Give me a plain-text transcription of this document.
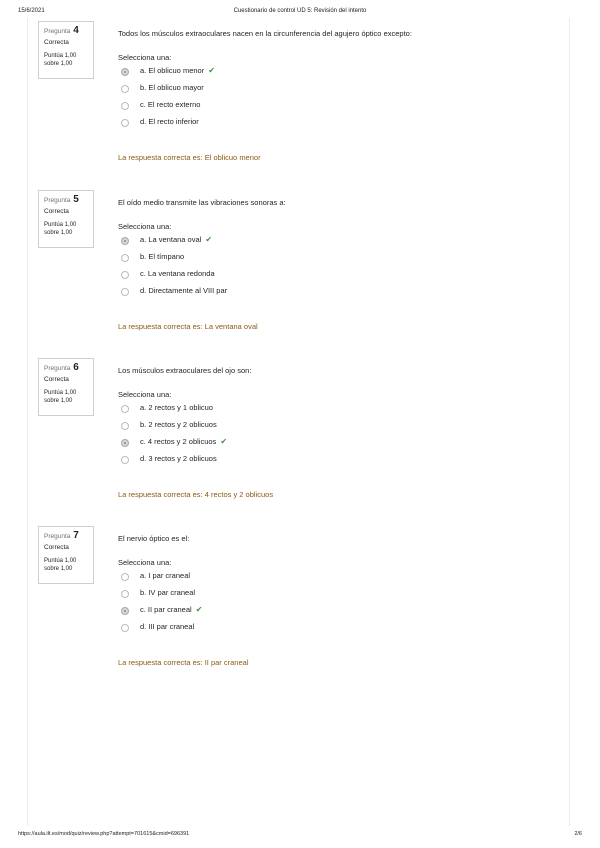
15/6/2021	Cuestionario de control UD 5: Revisión del intento
Pregunta 4
Correcta
Puntúa 1,00
sobre 1,00
Todos los músculos extraoculares nacen en la circunferencia del agujero óptico excepto:
Selecciona una:
a. El oblicuo menor ✔
b. El oblicuo mayor
c. El recto externo
d. El recto inferior
La respuesta correcta es: El oblicuo menor
Pregunta 5
Correcta
Puntúa 1,00
sobre 1,00
El oído medio transmite las vibraciones sonoras a:
Selecciona una:
a. La ventana oval ✔
b. El tímpano
c. La ventana redonda
d. Directamente al VIII par
La respuesta correcta es: La ventana oval
Pregunta 6
Correcta
Puntúa 1,00
sobre 1,00
Los músculos extraoculares del ojo son:
Selecciona una:
a. 2 rectos y 1 oblicuo
b. 2 rectos y 2 oblicuos
c. 4 rectos y 2 oblicuos ✔
d. 3 rectos y 2 oblicuos
La respuesta correcta es: 4 rectos y 2 oblicuos
Pregunta 7
Correcta
Puntúa 1,00
sobre 1,00
El nervio óptico es el:
Selecciona una:
a. I par craneal
b. IV par craneal
c. II par craneal ✔
d. III par craneal
La respuesta correcta es: II par craneal
https://aula.ilt.es/mod/quiz/review.php?attempt=701615&cmid=696391	2/6
